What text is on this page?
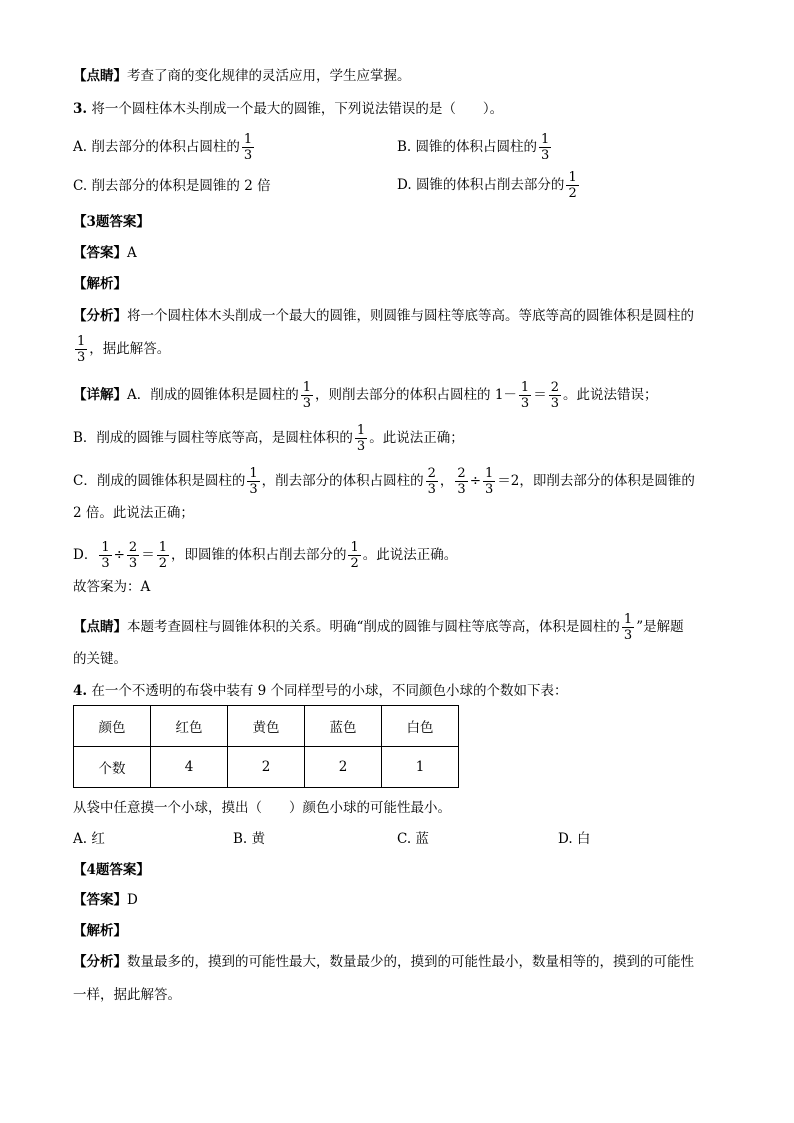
【点睛】考查了商的变化规律的灵活应用，学生应掌握。
3. 将一个圆柱体木头削成一个最大的圆锥，下列说法错误的是（　　）。
A. 削去部分的体积占圆柱的 $\frac{1}{3}$	B. 圆锥的体积占圆柱的 $\frac{1}{3}$
C. 削去部分的体积是圆锥的 2 倍	D. 圆锥的体积占削去部分的 $\frac{1}{2}$
【3题答案】
【答案】A
【解析】
【分析】将一个圆柱体木头削成一个最大的圆锥，则圆锥与圆柱等底等高。等底等高的圆锥体积是圆柱的
$\frac{1}{3}$ ，据此解答。
【详解】A．削成的圆锥体积是圆柱的 $\frac{1}{3}$ ，则削去部分的体积占圆柱的 $1- \frac{1}{3} = \frac{2}{3}$ 。此说法错误；
B．削成的圆锥与圆柱等底等高，是圆柱体积的 $\frac{1}{3}$ 。此说法正确；
C．削成的圆锥体积是圆柱的 $\frac{1}{3}$ ，削去部分的体积占圆柱的 $\frac{2}{3}$ ， $\frac{2}{3} \div \frac{1}{3} =2$，即削去部分的体积是圆锥的
2 倍。此说法正确；
D． $\frac{1}{3} \div \frac{2}{3} = \frac{1}{2}$ ，即圆锥的体积占削去部分的 $\frac{1}{2}$ 。此说法正确。
故答案为：A
【点睛】本题考查圆柱与圆锥体积的关系。明确“削成的圆锥与圆柱等底等高，体积是圆柱的 $\frac{1}{3}$ ”是解题
的关键。
4. 在一个不透明的布袋中装有 9 个同样型号的小球，不同颜色小球的个数如下表：
颜色	红色	黄色	蓝色	白色
个数	4	2	2	1
从袋中任意摸一个小球，摸出（　　）颜色小球的可能性最小。
A. 红	B. 黄	C. 蓝	D. 白
【4题答案】
【答案】D
【解析】
【分析】数量最多的，摸到的可能性最大，数量最少的，摸到的可能性最小，数量相等的，摸到的可能性
一样，据此解答。
